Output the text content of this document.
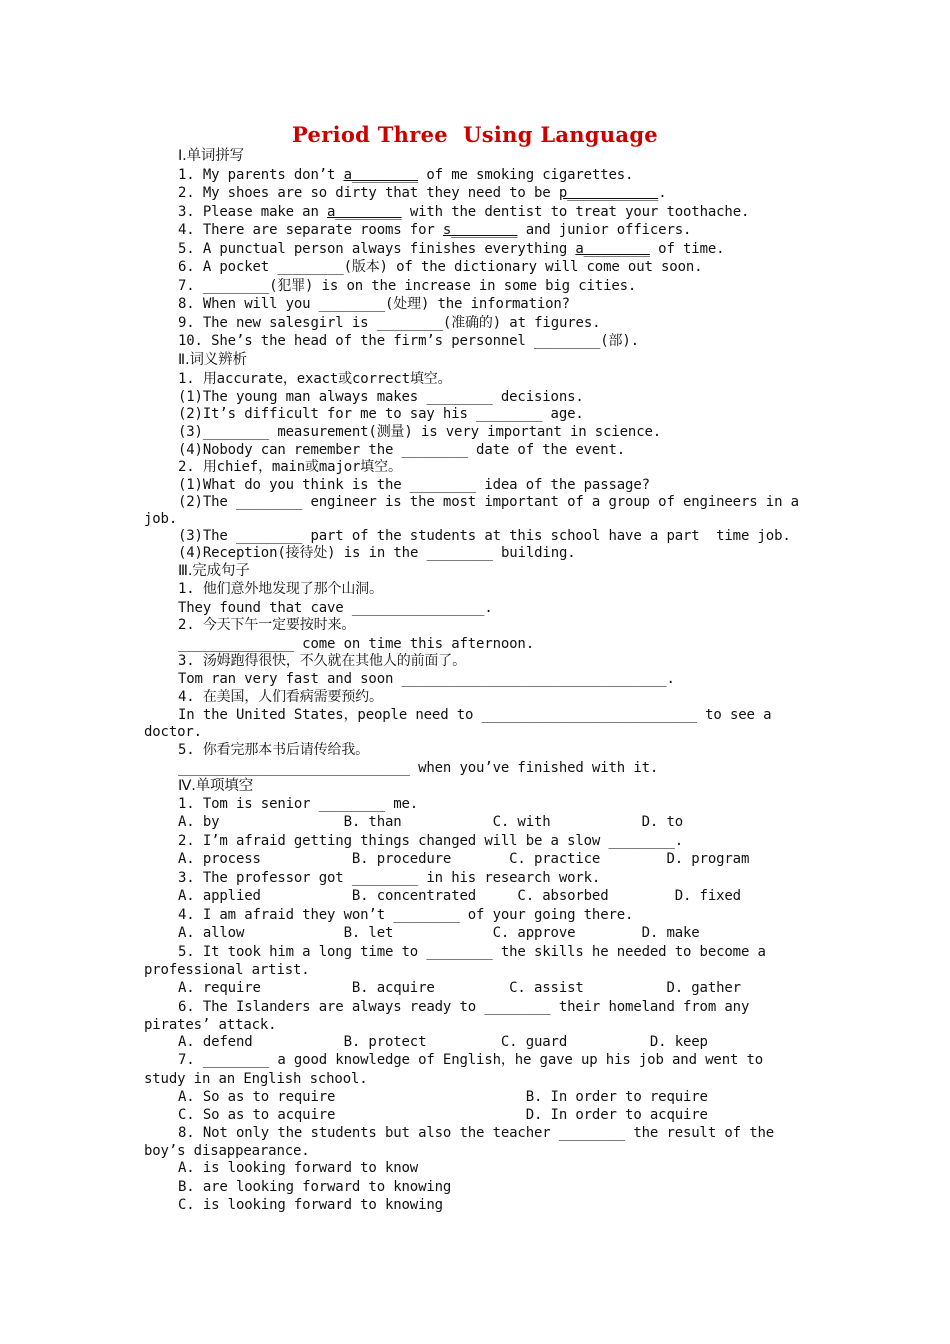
Period Three  Using Language
Ⅰ.单词拼写
1. My parents don’t a________ of me smoking cigarettes.
2. My shoes are so dirty that they need to be p___________.
3. Please make an a________ with the dentist to treat your toothache.
4. There are separate rooms for s________ and junior officers.
5. A punctual person always finishes everything a________ of time.
6. A pocket ________(版本) of the dictionary will come out soon.
7. ________(犯罪) is on the increase in some big cities.
8. When will you ________(处理) the information?
9. The new salesgirl is ________(准确的) at figures.
10. She’s the head of the firm’s personnel ________(部).
Ⅱ.词义辨析
1. 用accurate，exact或correct填空。
(1)The young man always makes ________ decisions.
(2)It’s difficult for me to say his ________ age.
(3)________ measurement(测量) is very important in science.
(4)Nobody can remember the ________ date of the event.
2. 用chief，main或major填空。
(1)What do you think is the ________ idea of the passage?
(2)The ________ engineer is the most important of a group of engineers in a
job.
(3)The ________ part of the students at this school have a part  time job.
(4)Reception(接待处) is in the ________ building.
Ⅲ.完成句子
1. 他们意外地发现了那个山洞。
They found that cave ________________.
2. 今天下午一定要按时来。
______________ come on time this afternoon.
3. 汤姆跑得很快，不久就在其他人的前面了。
Tom ran very fast and soon ________________________________.
4. 在美国，人们看病需要预约。
In the United States，people need to __________________________ to see a
doctor.
5. 你看完那本书后请传给我。
____________________________ when you’ve finished with it.
Ⅳ.单项填空
1. Tom is senior ________ me.
A. by               B. than           C. with           D. to
2. I’m afraid getting things changed will be a slow ________.
A. process           B. procedure       C. practice        D. program
3. The professor got ________ in his research work.
A. applied           B. concentrated     C. absorbed        D. fixed
4. I am afraid they won’t ________ of your going there.
A. allow            B. let            C. approve        D. make
5. It took him a long time to ________ the skills he needed to become a
professional artist.
A. require           B. acquire         C. assist          D. gather
6. The Islanders are always ready to ________ their homeland from any
pirates’ attack.
A. defend           B. protect         C. guard          D. keep
7. ________ a good knowledge of English，he gave up his job and went to
study in an English school.
A. So as to require                       B. In order to require
C. So as to acquire                       D. In order to acquire
8. Not only the students but also the teacher ________ the result of the
boy’s disappearance.
A. is looking forward to know
B. are looking forward to knowing
C. is looking forward to knowing
